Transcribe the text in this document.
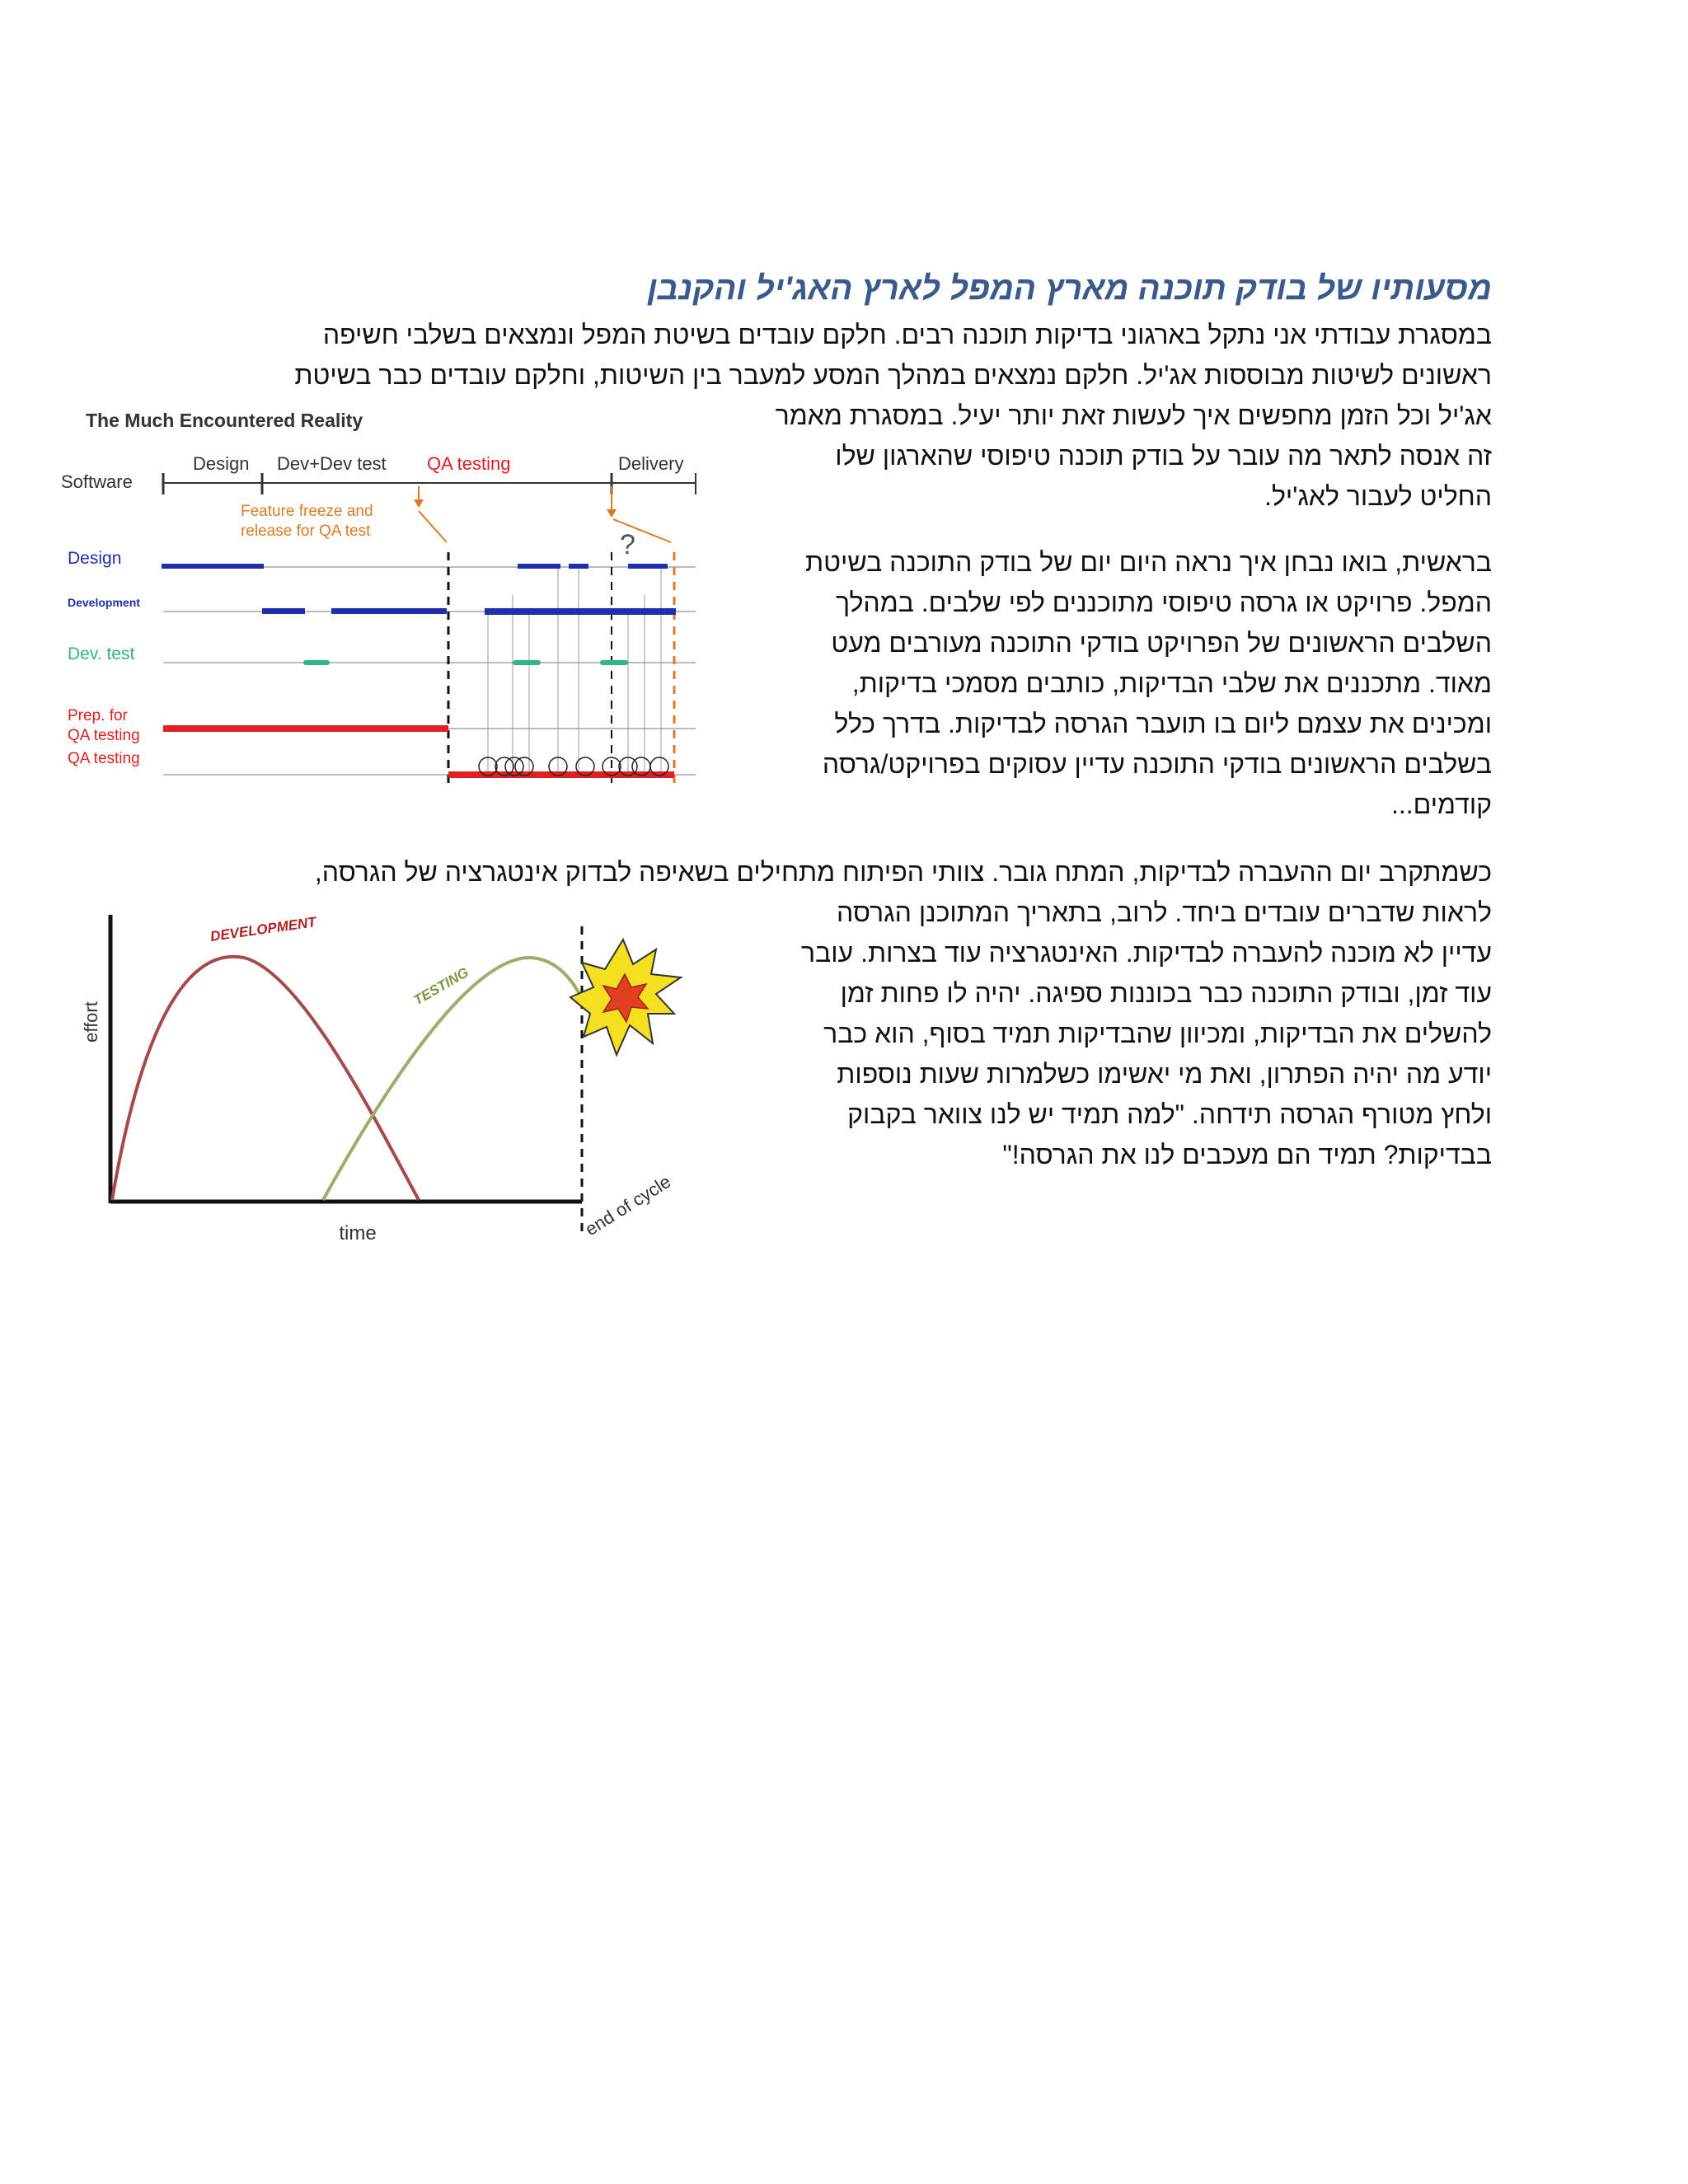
מסעותיו של בודק תוכנה מארץ המפל לארץ האג'יל והקנבן
במסגרת עבודתי אני נתקל בארגוני בדיקות תוכנה רבים. חלקם עובדים בשיטת המפל ונמצאים בשלבי חשיפה
ראשונים לשיטות מבוססות אג'יל. חלקם נמצאים במהלך המסע למעבר בין השיטות, וחלקם עובדים כבר בשיטת
אג'יל וכל הזמן מחפשים איך לעשות זאת יותר יעיל. במסגרת מאמר
זה אנסה לתאר מה עובר על בודק תוכנה טיפוסי שהארגון שלו
החליט לעבור לאג'יל.
בראשית, בואו נבחן איך נראה היום יום של בודק התוכנה בשיטת
המפל. פרויקט או גרסה טיפוסי מתוכננים לפי שלבים. במהלך
השלבים הראשונים של הפרויקט בודקי התוכנה מעורבים מעט
מאוד. מתכננים את שלבי הבדיקות, כותבים מסמכי בדיקות,
ומכינים את עצמם ליום בו תועבר הגרסה לבדיקות. בדרך כלל
בשלבים הראשונים בודקי התוכנה עדיין עסוקים בפרויקט/גרסה
קודמים...
כשמתקרב יום ההעברה לבדיקות, המתח גובר. צוותי הפיתוח מתחילים בשאיפה לבדוק אינטגרציה של הגרסה,
לראות שדברים עובדים ביחד. לרוב, בתאריך המתוכנן הגרסה
עדיין לא מוכנה להעברה לבדיקות. האינטגרציה עוד בצרות. עובר
עוד זמן, ובודק התוכנה כבר בכוננות ספיגה. יהיה לו פחות זמן
להשלים את הבדיקות, ומכיוון שהבדיקות תמיד בסוף, הוא כבר
יודע מה יהיה הפתרון, ואת מי יאשימו כשלמרות שעות נוספות
ולחץ מטורף הגרסה תידחה. "למה תמיד יש לנו צוואר בקבוק
בבדיקות? תמיד הם מעכבים לנו את הגרסה!"
The Much Encountered Reality
Software
Design Dev+Dev test QA testing	Delivery
Feature freeze and
release for QA test	?
Design
Development
Dev. test
Prep. for
QA testing
QA testing
effort
time	end of cycle
DEVELOPMENT
TESTING
